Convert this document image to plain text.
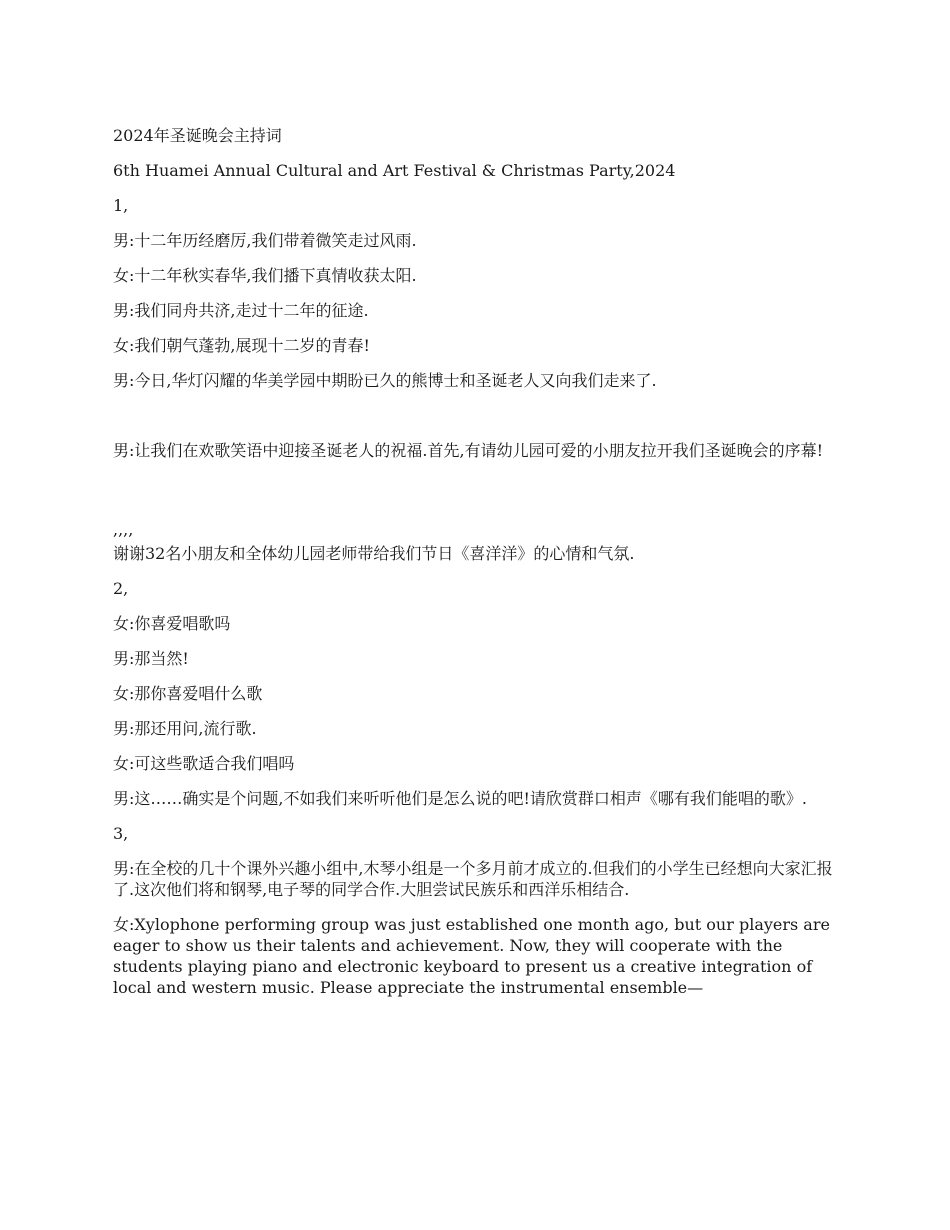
2024年圣诞晚会主持词

6th Huamei Annual Cultural and Art Festival & Christmas Party,2024

1,

男:十二年历经磨厉,我们带着微笑走过风雨.

女:十二年秋实春华,我们播下真情收获太阳.

男:我们同舟共济,走过十二年的征途.

女:我们朝气蓬勃,展现十二岁的青春!

男:今日,华灯闪耀的华美学园中期盼已久的熊博士和圣诞老人又向我们走来了.

男:让我们在欢歌笑语中迎接圣诞老人的祝福.首先,有请幼儿园可爱的小朋友拉开我们圣诞晚会的序幕!

,,,,

谢谢32名小朋友和全体幼儿园老师带给我们节日《喜洋洋》的心情和气氛.

2,

女:你喜爱唱歌吗

男:那当然!

女:那你喜爱唱什么歌

男:那还用问,流行歌.

女:可这些歌适合我们唱吗

男:这……确实是个问题,不如我们来听听他们是怎么说的吧!请欣赏群口相声《哪有我们能唱的歌》.

3,

男:在全校的几十个课外兴趣小组中,木琴小组是一个多月前才成立的.但我们的小学生已经想向大家汇报了.这次他们将和钢琴,电子琴的同学合作.大胆尝试民族乐和西洋乐相结合.

女:Xylophone performing group was just established one month ago, but our players are eager to show us their talents and achievement. Now, they will cooperate with the students playing piano and electronic keyboard to present us a creative integration of local and western music. Please appreciate the instrumental ensemble—
